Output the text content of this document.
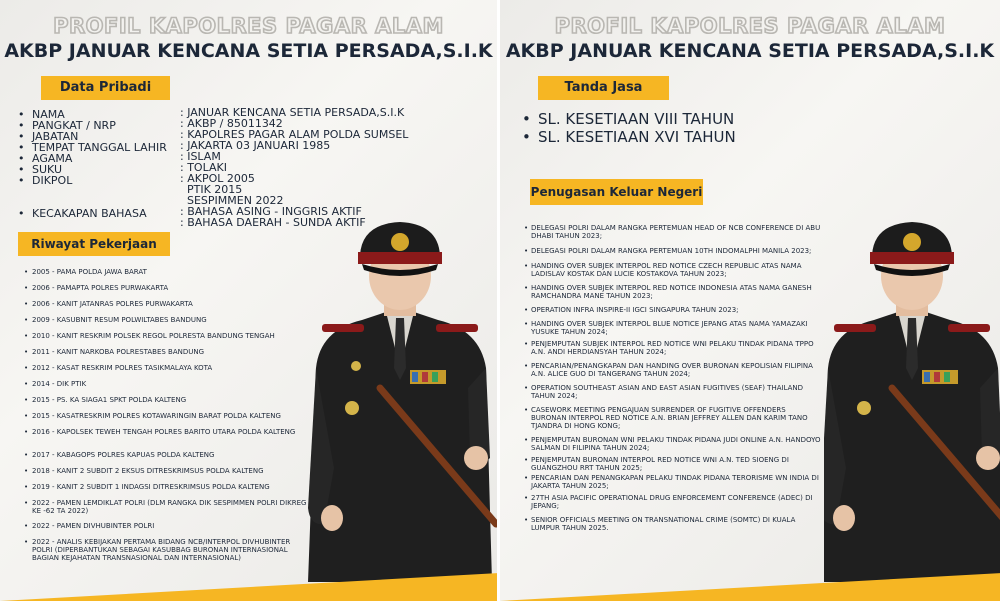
PROFIL KAPOLRES PAGAR ALAM
AKBP JANUAR KENCANA SETIA PERSADA,S.I.K
Data Pribadi
• NAMA	: JANUAR KENCANA SETIA PERSADA,S.I.K
• PANGKAT / NRP	: AKBP / 85011342
• JABATAN	: KAPOLRES PAGAR ALAM POLDA SUMSEL
• TEMPAT TANGGAL LAHIR : JAKARTA 03 JANUARI 1985
• AGAMA	: ISLAM
• SUKU	: TOLAKI
• DIKPOL	: AKPOL 2005
PTIK 2015
SESPIMMEN 2022
• KECAKAPAN BAHASA	: BAHASA ASING - INGGRIS AKTIF
: BAHASA DAERAH - SUNDA AKTIF
Riwayat Pekerjaan
• 2005 - PAMA POLDA JAWA BARAT
• 2006 - PAMAPTA POLRES PURWAKARTA
• 2006 - KANIT JATANRAS POLRES PURWAKARTA
• 2009 - KASUBNIT RESUM POLWILTABES BANDUNG
• 2010 - KANIT RESKRIM POLSEK REGOL POLRESTA BANDUNG TENGAH
• 2011 - KANIT NARKOBA POLRESTABES BANDUNG
• 2012 - KASAT RESKRIM POLRES TASIKMALAYA KOTA
• 2014 - DIK PTIK
• 2015 - PS. KA SIAGA1 SPKT POLDA KALTENG
• 2015 - KASATRESKRIM POLRES KOTAWARINGIN BARAT POLDA KALTENG
• 2016 - KAPOLSEK TEWEH TENGAH POLRES BARITO UTARA POLDA KALTENG
• 2017 - KABAGOPS POLRES KAPUAS POLDA KALTENG
• 2018 - KANIT 2 SUBDIT 2 EKSUS DITRESKRIMSUS POLDA KALTENG
• 2019 - KANIT 2 SUBDIT 1 INDAGSI DITRESKRIMSUS POLDA KALTENG
• 2022 - PAMEN LEMDIKLAT POLRI (DLM RANGKA DIK SESPIMMEN POLRI DIKREG KE -62 TA 2022)
• 2022 - PAMEN DIVHUBINTER POLRI
• 2022 - ANALIS KEBIJAKAN PERTAMA BIDANG NCB/INTERPOL DIVHUBINTER POLRI (DIPERBANTUKAN SEBAGAI KASUBBAG BURONAN INTERNASIONAL BAGIAN KEJAHATAN TRANSNASIONAL DAN INTERNASIONAL)
PROFIL KAPOLRES PAGAR ALAM
AKBP JANUAR KENCANA SETIA PERSADA,S.I.K
Tanda Jasa
• SL. KESETIAAN VIII TAHUN
• SL. KESETIAAN XVI TAHUN
Penugasan Keluar Negeri
• DELEGASI POLRI DALAM RANGKA PERTEMUAN HEAD OF NCB CONFERENCE DI ABU DHABI TAHUN 2023;
• DELEGASI POLRI DALAM RANGKA PERTEMUAN 10TH INDOMALPHI MANILA 2023;
• HANDING OVER SUBJEK INTERPOL RED NOTICE CZECH REPUBLIC ATAS NAMA LADISLAV KOSTAK DAN LUCIE KOSTAKOVA TAHUN 2023;
• HANDING OVER SUBJEK INTERPOL RED NOTICE INDONESIA ATAS NAMA GANESH RAMCHANDRA MANE TAHUN 2023;
• OPERATION INFRA INSPIRE-II IGCI SINGAPURA TAHUN 2023;
• HANDING OVER SUBJEK INTERPOL BLUE NOTICE JEPANG ATAS NAMA YAMAZAKI YUSUKE TAHUN 2024;
• PENJEMPUTAN SUBJEK INTERPOL RED NOTICE WNI PELAKU TINDAK PIDANA TPPO A.N. ANDI HERDIANSYAH TAHUN 2024;
• PENCARIAN/PENANGKAPAN DAN HANDING OVER BURONAN KEPOLISIAN FILIPINA A.N. ALICE GUO DI TANGERANG TAHUN 2024;
• OPERATION SOUTHEAST ASIAN AND EAST ASIAN FUGITIVES (SEAF) THAILAND TAHUN 2024;
• CASEWORK MEETING PENGAJUAN SURRENDER OF FUGITIVE OFFENDERS BURONAN INTERPOL RED NOTICE A.N. BRIAN JEFFREY ALLEN DAN KARIM TANO TJANDRA DI HONG KONG;
• PENJEMPUTAN BURONAN WNI PELAKU TINDAK PIDANA JUDI ONLINE A.N. HANDOYO SALMAN DI FILIPINA TAHUN 2024;
• PENJEMPUTAN BURONAN INTERPOL RED NOTICE WNI A.N. TED SIOENG DI GUANGZHOU RRT TAHUN 2025;
• PENCARIAN DAN PENANGKAPAN PELAKU TINDAK PIDANA TERORISME WN INDIA DI JAKARTA TAHUN 2025;
• 27TH ASIA PACIFIC OPERATIONAL DRUG ENFORCEMENT CONFERENCE (ADEC) DI JEPANG;
• SENIOR OFFICIALS MEETING ON TRANSNATIONAL CRIME (SOMTC) DI KUALA LUMPUR TAHUN 2025.
